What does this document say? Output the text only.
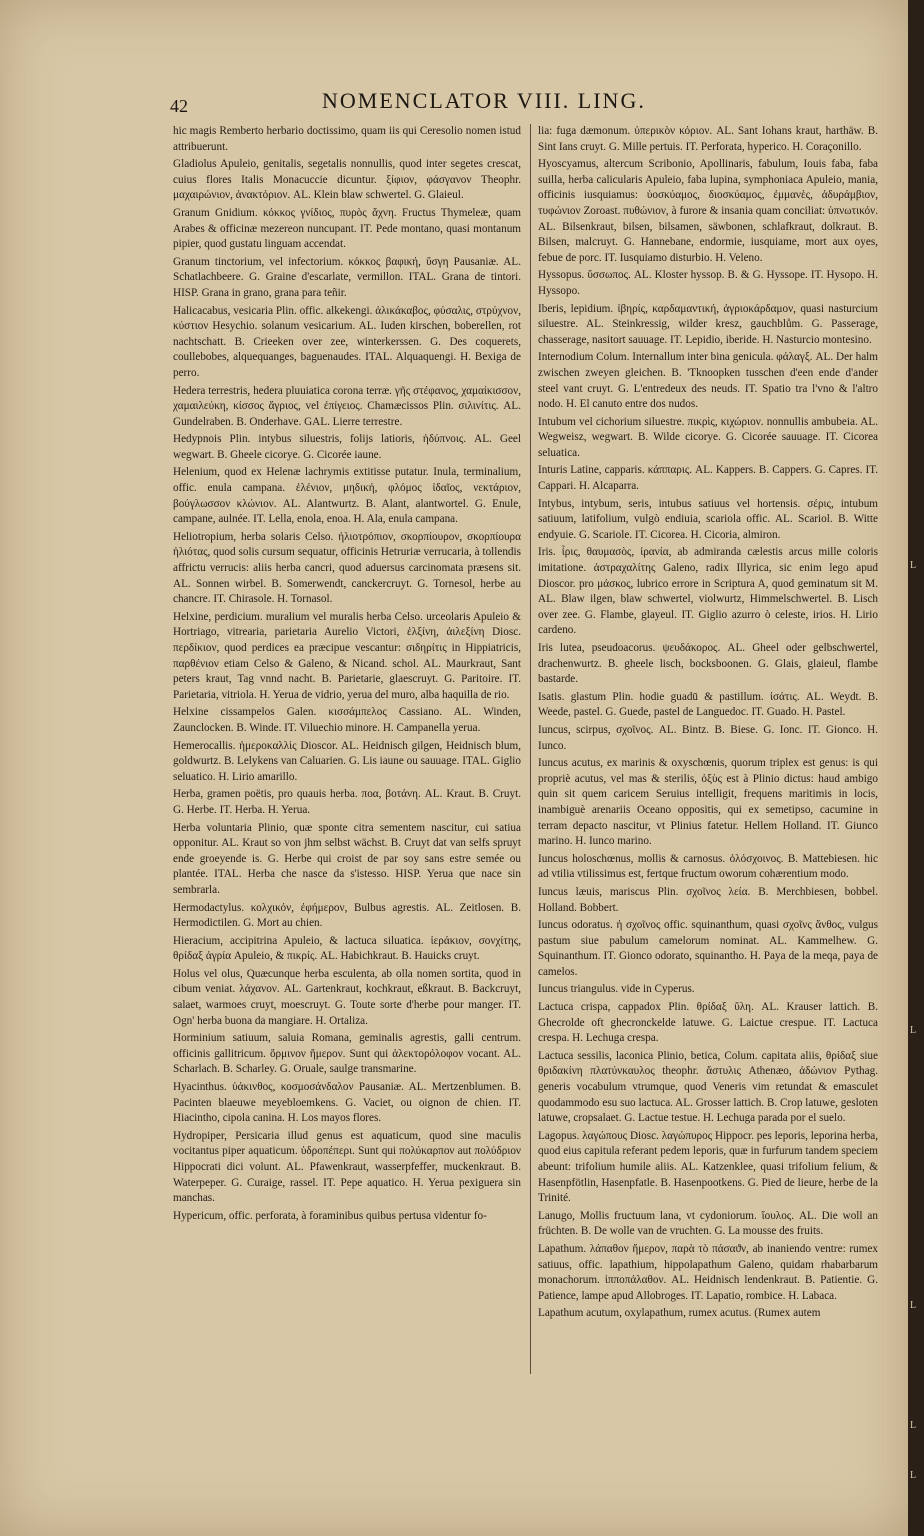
42	NOMENCLATOR VIII. LING.
hic magis Remberto herbario doctissimo, quam iis qui Ceresolio nomen istud attribuerunt.
Gladiolus Apuleio, genitalis, segetalis nonnullis, quod inter segetes crescat, cuius flores Italis Monacuccie dicuntur. ξίφιον, φάσγανον Theophr. μαχαιρώνιον, ἀνακτόριον. AL. Klein blaw schwertel. G. Glaieul.
Granum Gnidium. κόκκος γνίδιος, πυρὸς ἄχνη. Fructus Thymeleæ, quam Arabes & officinæ mezereon nuncupant. IT. Pede montano, quasi montanum pipier, quod gustatu linguam accendat.
Granum tinctorium, vel infectorium. κόκκος βαφική, ὕσγη Pausaniæ. AL. Schatlachbeere. G. Graine d'escarlate, vermillon. ITAL. Grana de tintori. HISP. Grana in grano, grana para teñir.
Halicacabus, vesicaria Plin. offic. alkekengi. ἁλικάκαβος, φύσαλις, στρύχνον, κύστιον Hesychio. solanum vesicarium. AL. Iuden kirschen, boberellen, rot nachtschatt. B. Crieeken over zee, winterkerssen. G. Des coquerets, coullebobes, alquequanges, baguenaudes. ITAL. Alquaquengi. H. Bexiga de perro.
Hedera terrestris, hedera pluuiatica corona terræ. γῆς στέφανος, χαμαίκισσον, χαμαιλεύκη, κίσσος ἄγριος, vel ἐπίγειος. Chamæcissos Plin. σιλινίτις. AL. Gundelraben. B. Onderhave. GAL. Lierre terrestre.
Hedypnois Plin. intybus siluestris, folijs latioris, ἡδύπνοις. AL. Geel wegwart. B. Gheele cicorye. G. Cicorée iaune.
Helenium, quod ex Helenæ lachrymis extitisse putatur. Inula, terminalium, offic. enula campana. ἑλένιον, μηδική, φλόμος ἰδαῖος, νεκτάριον, βούγλωσσον κλώνιον. AL. Alantwurtz. B. Alant, alantwortel. G. Enule, campane, aulnée. IT. Lella, enola, enoa. H. Ala, enula campana.
Heliotropium, herba solaris Celso. ἡλιοτρόπιον, σκορπίουρον, σκορπίουρα ἡλιότας, quod solis cursum sequatur, officinis Hetruriæ verrucaria, à tollendis affrictu verrucis: aliis herba cancri, quod aduersus carcinomata præsens sit. AL. Sonnen wirbel. B. Somerwendt, canckercruyt. G. Tornesol, herbe au chancre. IT. Chirasole. H. Tornasol.
Helxine, perdicium. muralium vel muralis herba Celso. urceolaris Apuleio & Hortriago, vitrearia, parietaria Aurelio Victori, ἑλξίνη, ἀιλεξίνη Diosc. περδίκιον, quod perdices ea præcipue vescantur: σιδηρίτις in Hippiatricis, παρθένιον etiam Celso & Galeno, & Nicand. schol. AL. Maurkraut, Sant peters kraut, Tag vnnd nacht. B. Parietarie, glaescruyt. G. Paritoire. IT. Parietaria, vitriola. H. Yerua de vidrio, yerua del muro, alba haquilla de rio.
Helxine cissampelos Galen. κισσάμπελος Cassiano. AL. Winden, Zaunclocken. B. Winde. IT. Viluechio minore. H. Campanella yerua.
Hemerocallis. ἡμεροκαλλὶς Dioscor. AL. Heidnisch gilgen, Heidnisch blum, goldwurtz. B. Lelykens van Caluarien. G. Lis iaune ou sauuage. ITAL. Giglio seluatico. H. Lirio amarillo.
Herba, gramen poëtis, pro quauis herba. ποα, βοτάνη. AL. Kraut. B. Cruyt. G. Herbe. IT. Herba. H. Yerua.
Herba voluntaria Plinio, quæ sponte citra sementem nascitur, cui satiua opponitur. AL. Kraut so von jhm selbst wächst. B. Cruyt dat van selfs spruyt ende groeyende is. G. Herbe qui croist de par soy sans estre semée ou plantée. ITAL. Herba che nasce da s'istesso. HISP. Yerua que nace sin sembrarla.
Hermodactylus. κολχικόν, ἐφήμερον, Bulbus agrestis. AL. Zeitlosen. B. Hermodictilen. G. Mort au chien.
Hieracium, accipitrina Apuleio, & lactuca siluatica. ἱεράκιον, σονχίτης, θρίδαξ ἀγρία Apuleio, & πικρίς. AL. Habichkraut. B. Hauicks cruyt.
Holus vel olus, Quæcunque herba esculenta, ab olla nomen sortita, quod in cibum veniat. λάχανον. AL. Gartenkraut, kochkraut, eßkraut. B. Backcruyt, salaet, warmoes cruyt, moescruyt. G. Toute sorte d'herbe pour manger. IT. Ogn' herba buona da mangiare. H. Ortaliza.
Horminium satiuum, saluia Romana, geminalis agrestis, galli centrum. officinis gallitricum. ὅρμινον ἥμερον. Sunt qui ἀλεκτορόλοφον vocant. AL. Scharlach. B. Scharley. G. Oruale, saulge transmarine.
Hyacinthus. ὑάκινθος, κοσμοσάνδαλον Pausaniæ. AL. Mertzenblumen. B. Pacinten blaeuwe meyebloemkens. G. Vaciet, ou oignon de chien. IT. Hiacintho, cipola canina. H. Los mayos flores.
Hydropiper, Persicaria illud genus est aquaticum, quod sine maculis vocitantus piper aquaticum. ὑδροπέπερι. Sunt qui πολύκαρπον aut πολύδριον Hippocrati dici volunt. AL. Pfawenkraut, wasserpfeffer, muckenkraut. B. Waterpeper. G. Curaige, rassel. IT. Pepe aquatico. H. Yerua pexiguera sin manchas.
Hypericum, offic. perforata, à foraminibus quibus pertusa videntur fo-
lia: fuga dæmonum. ὑπερικὸν κόριον. AL. Sant Iohans kraut, harthäw. B. Sint Ians cruyt. G. Mille pertuis. IT. Perforata, hyperico. H. Coraçonillo.
Hyoscyamus, altercum Scribonio, Apollinaris, fabulum, Iouis faba, faba suilla, herba calicularis Apuleio, faba lupina, symphoniaca Apuleio, mania, officinis iusquiamus: ὑοσκύαμος, διοσκύαμος, ἐμμανὲς, ἀδυράμβιον, τυφώνιον Zoroast. πυθώνιον, à furore & insania quam conciliat: ὑπνωτικόν. AL. Bilsenkraut, bilsen, bilsamen, säwbonen, schlafkraut, dolkraut. B. Bilsen, malcruyt. G. Hannebane, endormie, iusquiame, mort aux oyes, febue de porc. IT. Iusquiamo disturbio. H. Veleno.
Hyssopus. ὕσσωπος. AL. Kloster hyssop. B. & G. Hyssope. IT. Hysopo. H. Hyssopo.
Iberis, lepidium. ἰβηρίς, καρδαμαντική, ἀγριοκάρδαμον, quasi nasturcium siluestre. AL. Steinkressig, wilder kresz, gauchblům. G. Passerage, chasserage, nasitort sauuage. IT. Lepidio, iberide. H. Nasturcio montesino.
Internodium Colum. Internallum inter bina genicula. φάλαγξ. AL. Der halm zwischen zweyen gleichen. B. 'Tknoopken tusschen d'een ende d'ander steel vant cruyt. G. L'entredeux des neuds. IT. Spatio tra l'vno & l'altro nodo. H. El canuto entre dos nudos.
Intubum vel cichorium siluestre. πικρὶς, κιχώριον. nonnullis ambubeia. AL. Wegweisz, wegwart. B. Wilde cicorye. G. Cicorée sauuage. IT. Cicorea seluatica.
Inturis Latine, capparis. κάππαρις. AL. Kappers. B. Cappers. G. Capres. IT. Cappari. H. Alcaparra.
Intybus, intybum, seris, intubus satiuus vel hortensis. σέρις, intubum satiuum, latifolium, vulgò endiuia, scariola offic. AL. Scariol. B. Witte endyuie. G. Scariole. IT. Cicorea. H. Cicoria, almiron.
Iris. ἶρις, θαυμασὸς, ἰρανία, ab admiranda cælestis arcus mille coloris imitatione. ἀστραχαλίτης Galeno, radix Illyrica, sic enim lego apud Dioscor. pro μάσκος, lubrico errore in Scriptura A, quod geminatum sit M. AL. Blaw ilgen, blaw schwertel, violwurtz, Himmelschwertel. B. Lisch over zee. G. Flambe, glayeul. IT. Giglio azurro ò celeste, irios. H. Lirio cardeno.
Iris lutea, pseudoacorus. ψευδάκορος. AL. Gheel oder gelbschwertel, drachenwurtz. B. gheele lisch, bocksboonen. G. Glais, glaieul, flambe bastarde.
Isatis. glastum Plin. hodie guadū & pastillum. ἰσάτις. AL. Weydt. B. Weede, pastel. G. Guede, pastel de Languedoc. IT. Guado. H. Pastel.
Iuncus, scirpus, σχοῖνος. AL. Bintz. B. Biese. G. Ionc. IT. Gionco. H. Iunco.
Iuncus acutus, ex marinis & oxyschœnis, quorum triplex est genus: is qui propriè acutus, vel mas & sterilis, ὀξὺς est à Plinio dictus: haud ambigo quin sit quem caricem Seruius intelligit, frequens maritimis in locis, inambiguè arenariis Oceano oppositis, qui ex semetipso, cacumine in terram depacto nascitur, vt Plinius fatetur. Hellem Holland. IT. Giunco marino. H. Iunco marino.
Iuncus holoschœnus, mollis & carnosus. ὁλόσχοινος. B. Mattebiesen. hic ad vtilia vtilissimus est, fertque fructum oworum cohærentium modo.
Iuncus læuis, mariscus Plin. σχοῖνος λεία. B. Merchbiesen, bobbel. Holland. Bobbert.
Iuncus odoratus. ἡ σχοῖνος offic. squinanthum, quasi σχοῖνς ἄνθος, vulgus pastum siue pabulum camelorum nominat. AL. Kammelhew. G. Squinanthum. IT. Gionco odorato, squinantho. H. Paya de la meqa, paya de camelos.
Iuncus triangulus. vide in Cyperus.
Lactuca crispa, cappadox Plin. θρίδαξ ὕλη. AL. Krauser lattich. B. Ghecrolde oft ghecronckelde latuwe. G. Laictue crespue. IT. Lactuca crespa. H. Lechuga crespa.
Lactuca sessilis, laconica Plinio, betica, Colum. capitata aliis, θρίδαξ siue θριδακίνη πλατύνκαυλος theophr. ἄστυλις Athenæo, ἀδώνιον Pythag. generis vocabulum vtrumque, quod Veneris vim retundat & emasculet quodammodo esu suo lactuca. AL. Grosser lattich. B. Crop latuwe, gesloten latuwe, cropsalaet. G. Lactue testue. H. Lechuga parada por el suelo.
Lagopus. λαγώπους Diosc. λαγώπυρος Hippocr. pes leporis, leporina herba, quod eius capitula referant pedem leporis, quæ in furfurum tandem speciem abeunt: trifolium humile aliis. AL. Katzenklee, quasi trifolium felium, & Hasenpfötlin, Hasenpfatle. B. Hasenpootkens. G. Pied de lieure, herbe de la Trinité.
Lanugo, Mollis fructuum lana, vt cydoniorum. ἴουλος. AL. Die woll an früchten. B. De wolle van de vruchten. G. La mousse des fruits.
Lapathum. λάπαθον ἥμερον, παρὰ τὸ πάσαϑν, ab inaniendo ventre: rumex satiuus, offic. lapathium, hippolapathum Galeno, quidam rhabarbarum monachorum. ἱπποπάλαθον. AL. Heidnisch lendenkraut. B. Patientie. G. Patience, lampe apud Allobroges. IT. Lapatio, rombice. H. Labaca.
Lapathum acutum, oxylapathum, rumex acutus. (Rumex autem
L
L
L
L
L
